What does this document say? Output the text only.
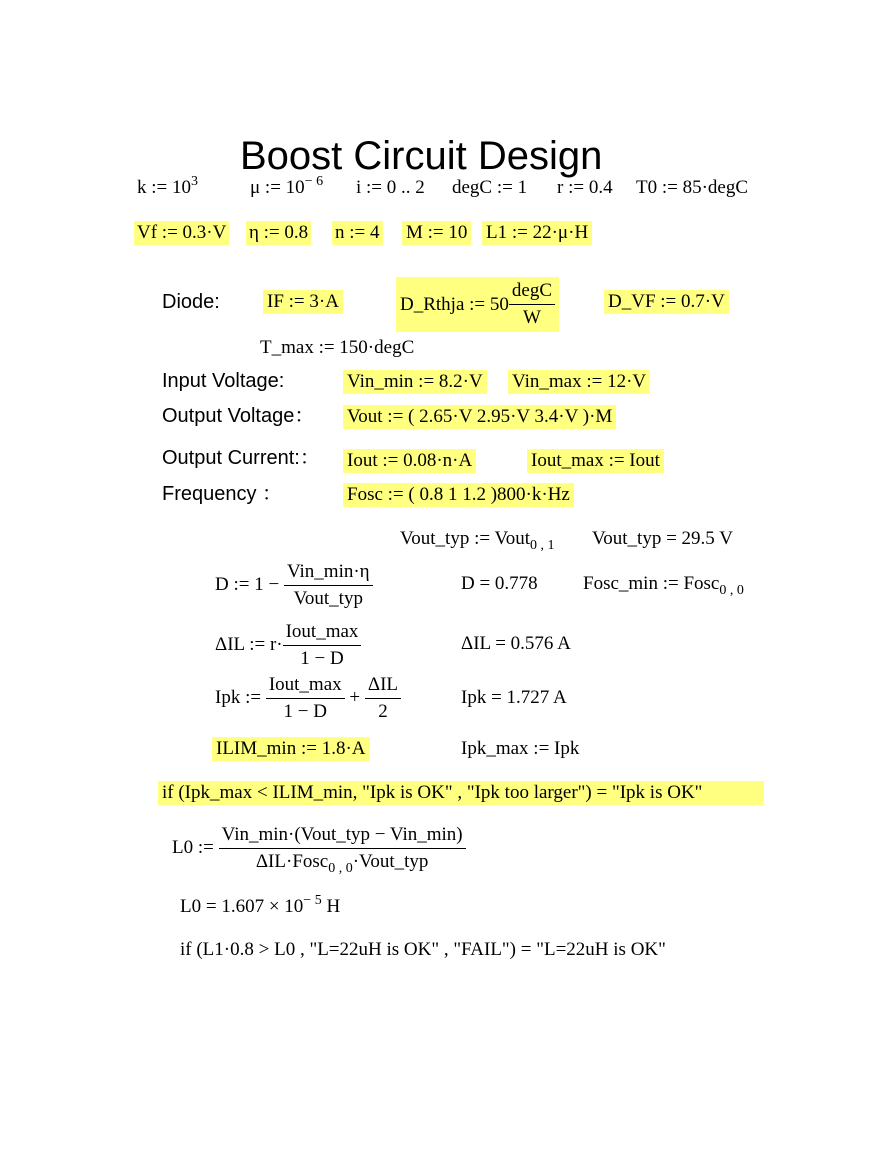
Boost Circuit Design
k := $10^3$	μ := $10^{- 6}$ i := 0 .. 2 degC := 1 r := 0.4 T0 := 85·degC
Vf := 0.3·V η := 0.8 n := 4 M := 10 L1 := 22·μ·H
Diode: IF := 3·A	D_Rthja := $50 \frac{\text{degC}}{W}$	D_VF := 0.7·V
T_max := 150·degC
Input Voltage:	Vin_min := 8.2·V Vin_max := 12·V
Output Voltage： Vout := ( 2.65·V 2.95·V 3.4·V )·M
Output Current:： Iout := 0.08·n·A	Iout_max := Iout
Frequency ：	Fosc := ( 0.8 1 1.2 )800·k·Hz
Vout_typ := Vout$_{0 , 1}$ Vout_typ = 29.5 V
D := 1 −
$\frac{\text{Vin\_min·η}}{\text{Vout\_typ}}$	D = 0.778 Fosc_min := Fosc$_{0 , 0}$
ΔIL := $r\cdot \frac{\text{Iout\_max}}{1 - D}$	ΔIL = 0.576 A
Ipk :=
$\frac{\text{Iout\_max}}{1 - D}$
+
$\frac{\text{ΔIL}}{2}$	Ipk = 1.727 A
ILIM_min := 1.8·A	Ipk_max := Ipk
if (Ipk_max < ILIM_min, "Ipk is OK" , "Ipk too larger") = "Ipk is OK"
L0 :=
$\frac{\text{Vin\_min·(Vout\_typ − Vin\_min)}}{\Delta IL\cdot Fosc_{0 , 0}\cdot Vout\_typ}$
$L0 = 1.607 \times 10^{- 5}$ H
if (L1·0.8 > L0 , "L=22uH is OK" , "FAIL") = "L=22uH is OK"
